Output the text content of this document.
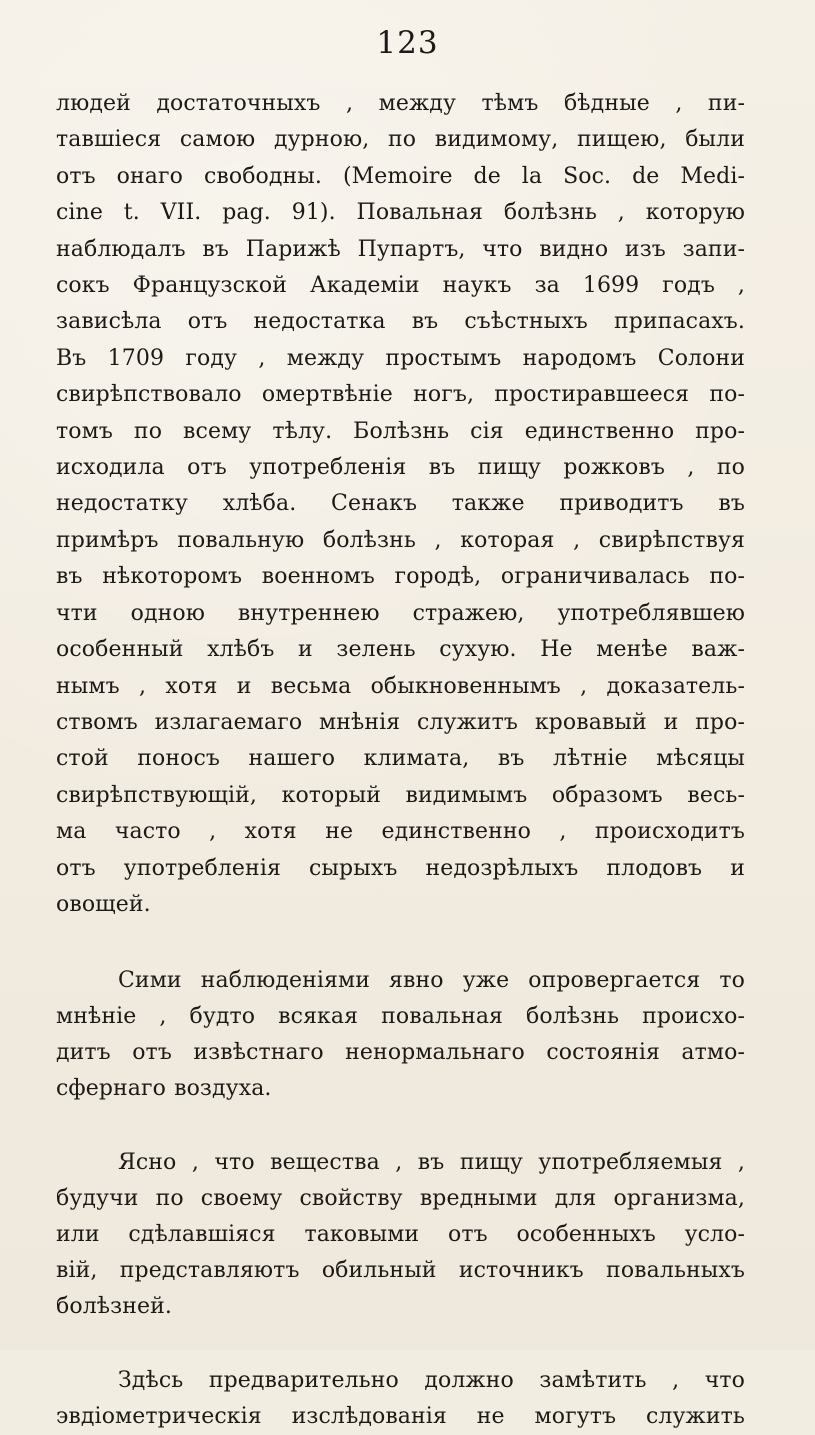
123
людей достаточныхъ , между тѣмъ бѣдные , пи-
тавшіеся самою дурною, по видимому, пищею, были
отъ онаго свободны. (Memoire de la Soc. de Medi-
cine t. VII. pag. 91). Повальная болѣзнь , которую
наблюдалъ въ Парижѣ Пупартъ, что видно изъ запи-
сокъ Французской Академіи наукъ за 1699 годъ ,
зависѣла отъ недостатка въ съѣстныхъ припасахъ.
Въ 1709 году , между простымъ народомъ Солони
свирѣпствовало омертвѣніе ногъ, простиравшееся по-
томъ по всему тѣлу. Болѣзнь сія единственно про-
исходила отъ употребленія въ пищу рожковъ , по
недостатку хлѣба. Сенакъ также приводитъ въ
примѣръ повальную болѣзнь , которая , свирѣпствуя
въ нѣкоторомъ военномъ городѣ, ограничивалась по-
чти одною внутреннею стражею, употреблявшею
особенный хлѣбъ и зелень сухую. Не менѣе важ-
нымъ , хотя и весьма обыкновеннымъ , доказатель-
ствомъ излагаемаго мнѣнія служитъ кровавый и про-
стой поносъ нашего климата, въ лѣтніе мѣсяцы
свирѣпствующій, который видимымъ образомъ весь-
ма часто , хотя не единственно , происходитъ
отъ употребленія сырыхъ недозрѣлыхъ плодовъ и
овощей.
Сими наблюденіями явно уже опровергается то
мнѣніе , будто всякая повальная болѣзнь происхо-
дитъ отъ извѣстнаго ненормальнаго состоянія атмо-
сфернаго воздуха.
Ясно , что вещества , въ пищу употребляемыя ,
будучи по своему свойству вредными для организма,
или сдѣлавшіяся таковыми отъ особенныхъ усло-
вій, представляютъ обильный источникъ повальныхъ
болѣзней.
Здѣсь предварительно должно замѣтить , что
эвдіометрическія изслѣдованія не могутъ служить
